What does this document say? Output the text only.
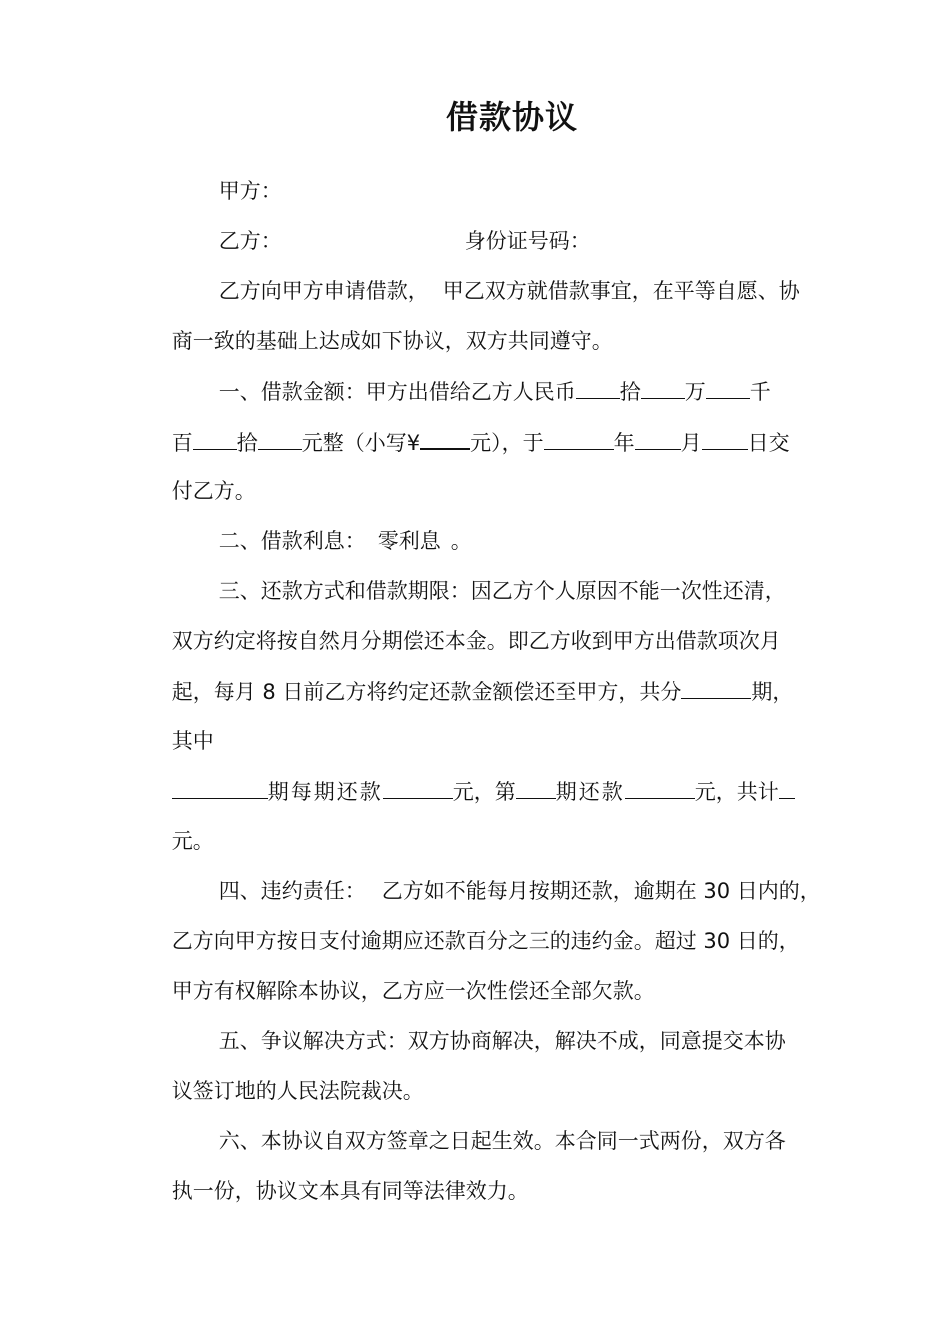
借款协议

甲方：

乙方：
	身份证号码：

乙方向甲方申请借款， 甲乙双方就借款事宜，在平等自愿、协

商一致的基础上达成如下协议，双方共同遵守。

一、借款金额：甲方出借给乙方人民币 拾 万 千

百 拾 元整（小写¥ 元），于	年 月 日交

付乙方。

二、借款利息： 零利息 。

三、还款方式和借款期限：因乙方个人原因不能一次性还清，

双方约定将按自然月分期偿还本金。即乙方收到甲方出借款项次月

起，每月 8 日前乙方将约定还款金额偿还至甲方，共分	期，

其中

期每期还款	元，第 期还款	元，共计

元。

四、违约责任： 乙方如不能每月按期还款，逾期在 30 日内的，

乙方向甲方按日支付逾期应还款百分之三的违约金。超过 30 日的，

甲方有权解除本协议，乙方应一次性偿还全部欠款。

五、争议解决方式：双方协商解决，解决不成，同意提交本协

议签订地的人民法院裁决。

六、本协议自双方签章之日起生效。本合同一式两份，双方各

执一份，协议文本具有同等法律效力。
